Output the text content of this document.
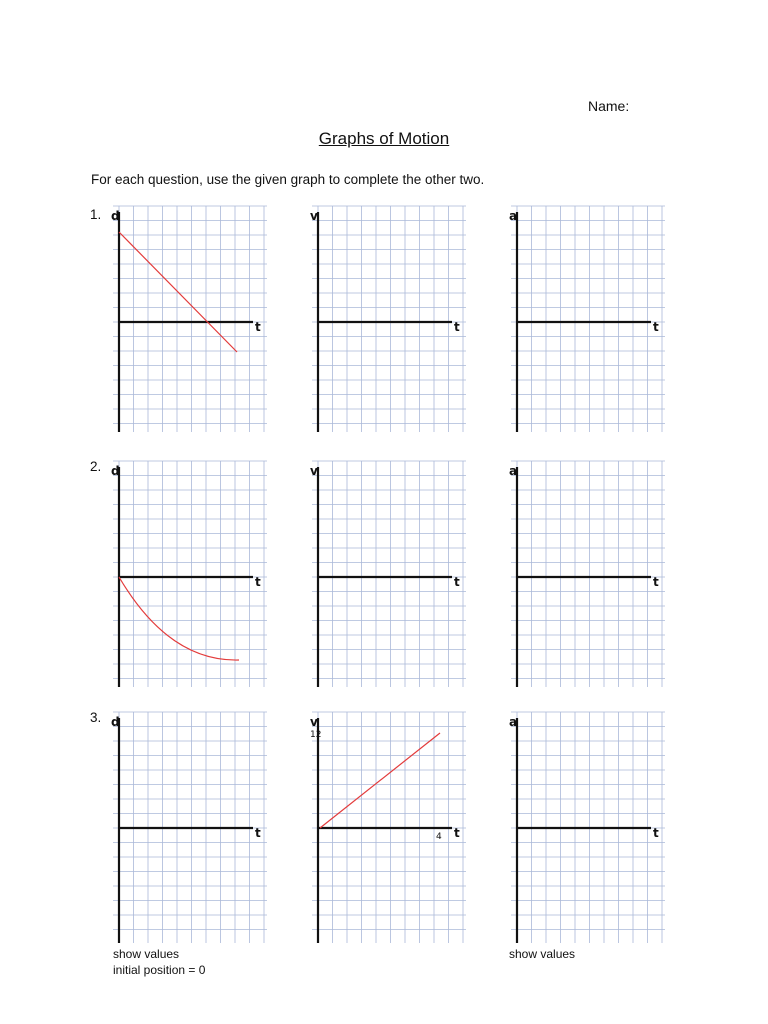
Name:
Graphs of Motion
For each question, use the given graph to complete the other two.
1.
2.
3.
show values
initial position = 0
show values
d
t
v
t
a
t
d
t
v
t
a
t
d
t
v
t
12
4
a
t
